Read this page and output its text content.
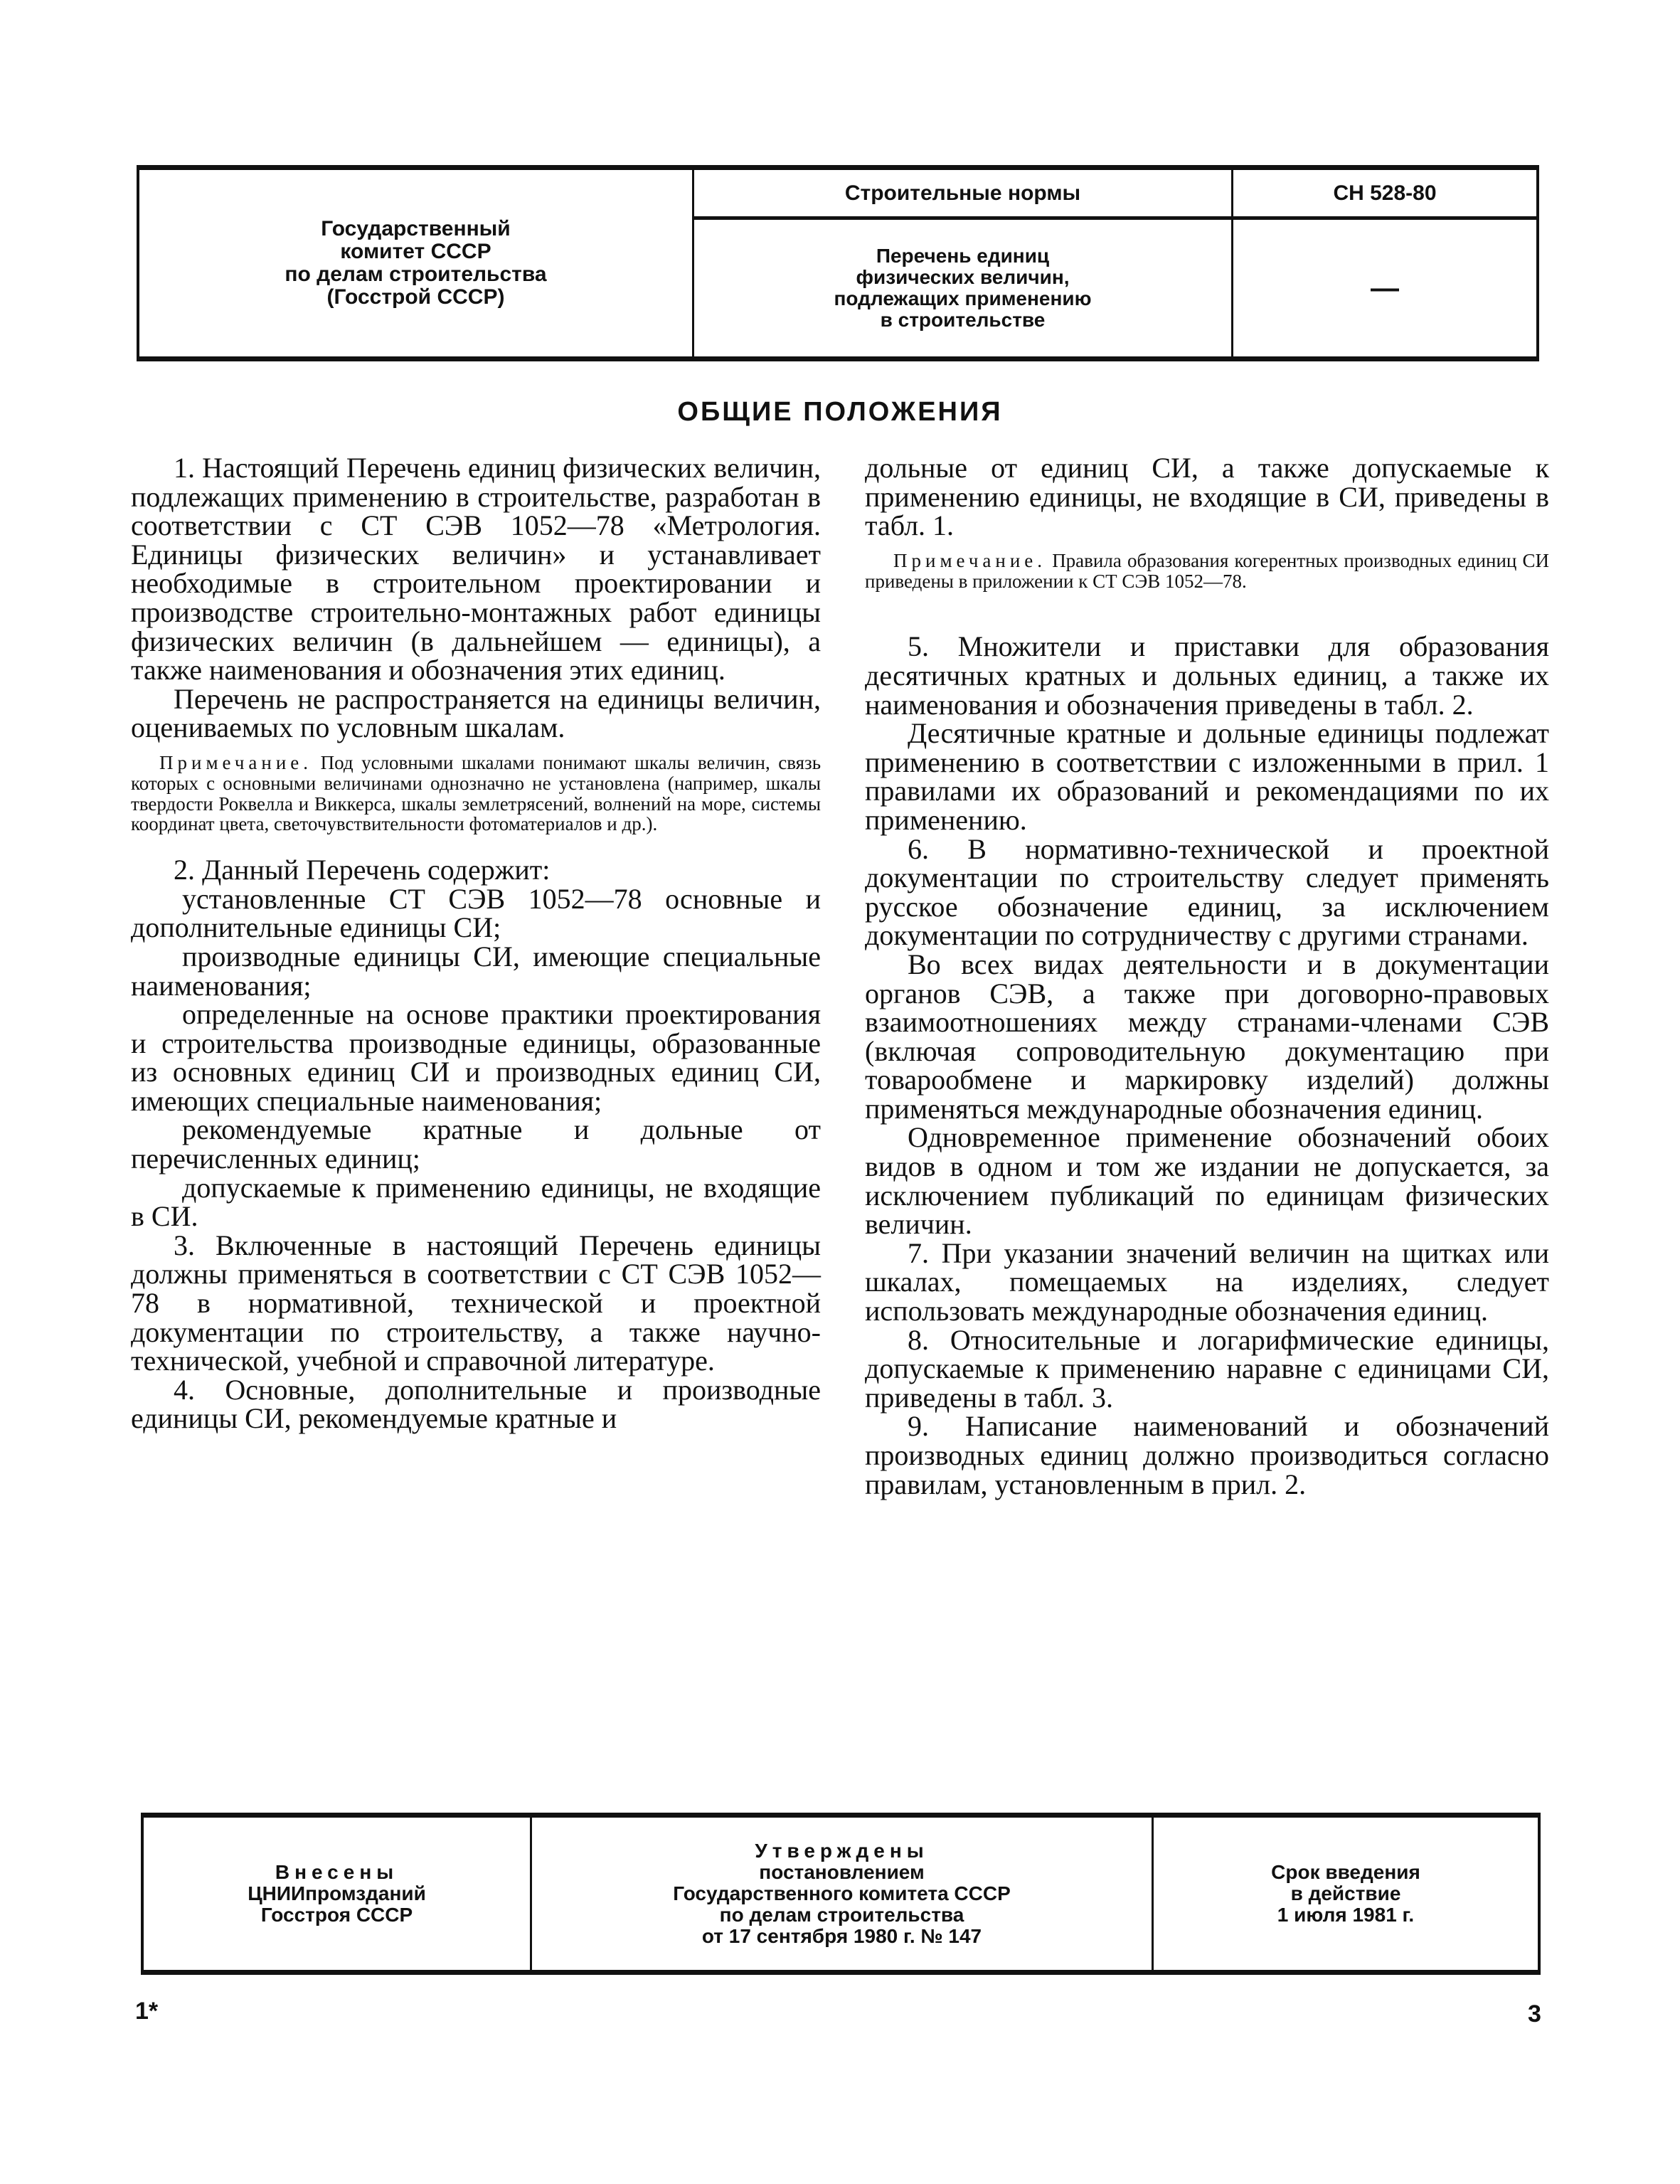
Государственный
комитет СССР
по делам строительства
(Госстрой СССР)
Строительные нормы
Перечень единиц
физических величин,
подлежащих применению
в строительстве
СН 528-80
—
ОБЩИЕ ПОЛОЖЕНИЯ

1. Настоящий Перечень единиц физических величин, подлежащих применению в строительстве, разработан в соответствии с СТ СЭВ 1052—78 «Метрология. Единицы физических величин» и устанавливает необходимые в строительном проектировании и производстве строительно-монтажных работ единицы физических величин (в дальнейшем — единицы), а также наименования и обозначения этих единиц.

Перечень не распространяется на единицы величин, оцениваемых по условным шкалам.

Примечание. Под условными шкалами понимают шкалы величин, связь которых с основными величинами однозначно не установлена (например, шкалы твердости Роквелла и Виккерса, шкалы землетрясений, волнений на море, системы координат цвета, светочувствительности фотоматериалов и др.).

2. Данный Перечень содержит:

установленные СТ СЭВ 1052—78 основные и дополнительные единицы СИ;

производные единицы СИ, имеющие специальные наименования;

определенные на основе практики проектирования и строительства производные единицы, образованные из основных единиц СИ и производных единиц СИ, имеющих специальные наименования;

рекомендуемые кратные и дольные от перечисленных единиц;

допускаемые к применению единицы, не входящие в СИ.

3. Включенные в настоящий Перечень единицы должны применяться в соответствии с СТ СЭВ 1052—78 в нормативной, технической и проектной документации по строительству, а также научно-технической, учебной и справочной литературе.

4. Основные, дополнительные и производные единицы СИ, рекомендуемые кратные и

дольные от единиц СИ, а также допускаемые к применению единицы, не входящие в СИ, приведены в табл. 1.

Примечание. Правила образования когерентных производных единиц СИ приведены в приложении к СТ СЭВ 1052—78.

5. Множители и приставки для образования десятичных кратных и дольных единиц, а также их наименования и обозначения приведены в табл. 2.

Десятичные кратные и дольные единицы подлежат применению в соответствии с изложенными в прил. 1 правилами их образований и рекомендациями по их применению.

6. В нормативно-технической и проектной документации по строительству следует применять русское обозначение единиц, за исключением документации по сотрудничеству с другими странами.

Во всех видах деятельности и в документации органов СЭВ, а также при договорно-правовых взаимоотношениях между странами-членами СЭВ (включая сопроводительную документацию при товарообмене и маркировку изделий) должны применяться международные обозначения единиц.

Одновременное применение обозначений обоих видов в одном и том же издании не допускается, за исключением публикаций по единицам физических величин.

7. При указании значений величин на щитках или шкалах, помещаемых на изделиях, следует использовать международные обозначения единиц.

8. Относительные и логарифмические единицы, допускаемые к применению наравне с единицами СИ, приведены в табл. 3.

9. Написание наименований и обозначений производных единиц должно производиться согласно правилам, установленным в прил. 2.

Внесены
ЦНИИпромзданий
Госстроя СССР
Утверждены
постановлением
Государственного комитета СССР
по делам строительства
от 17 сентября 1980 г. № 147
Срок введения
в действие
1 июля 1981 г.
1*	3
